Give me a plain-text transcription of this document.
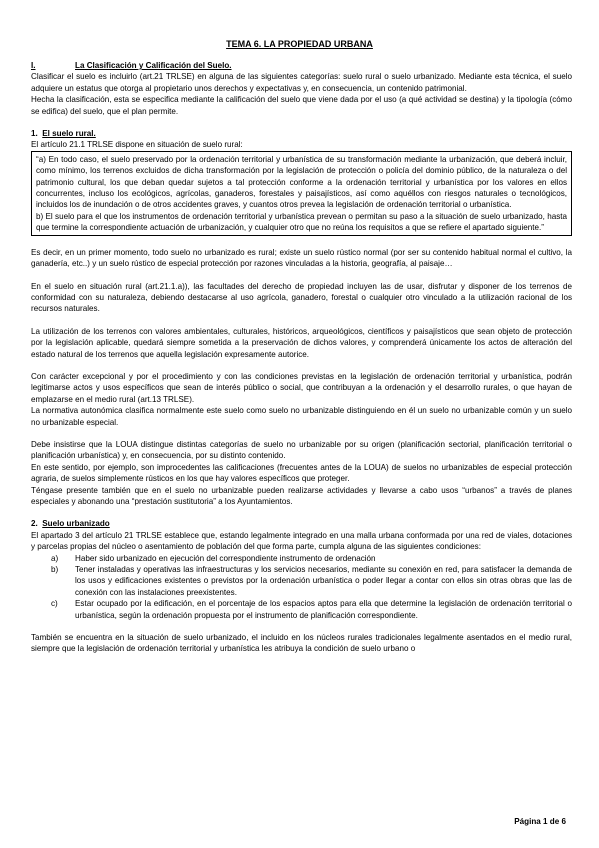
TEMA 6. LA PROPIEDAD URBANA
I.	La Clasificación y Calificación del Suelo.

Clasificar el suelo es incluirlo (art.21 TRLSE) en alguna de las siguientes categorías: suelo rural o suelo urbanizado. Mediante esta técnica, el suelo adquiere un estatus que otorga al propietario unos derechos y expectativas y, en consecuencia, un contenido patrimonial.

Hecha la clasificación, esta se especifica mediante la calificación del suelo que viene dada por el uso (a qué actividad se destina) y la tipología (cómo se edifica) del suelo, que el plan permite.

1. El suelo rural.

El artículo 21.1 TRLSE dispone en situación de suelo rural:

“a) En todo caso, el suelo preservado por la ordenación territorial y urbanística de su transformación mediante la urbanización, que deberá incluir, como mínimo, los terrenos excluidos de dicha transformación por la legislación de protección o policía del dominio público, de la naturaleza o del patrimonio cultural, los que deban quedar sujetos a tal protección conforme a la ordenación territorial y urbanística por los valores en ellos concurrentes, incluso los ecológicos, agrícolas, ganaderos, forestales y paisajísticos, así como aquéllos con riesgos naturales o tecnológicos, incluidos los de inundación o de otros accidentes graves, y cuantos otros prevea la legislación de ordenación territorial o urbanística.

b) El suelo para el que los instrumentos de ordenación territorial y urbanística prevean o permitan su paso a la situación de suelo urbanizado, hasta que termine la correspondiente actuación de urbanización, y cualquier otro que no reúna los requisitos a que se refiere el apartado siguiente.”

Es decir, en un primer momento, todo suelo no urbanizado es rural; existe un suelo rústico normal (por ser su contenido habitual normal el cultivo, la ganadería, etc..) y un suelo rústico de especial protección por razones vinculadas a la historia, geografía, al paisaje…

En el suelo en situación rural (art.21.1.a)), las facultades del derecho de propiedad incluyen las de usar, disfrutar y disponer de los terrenos de conformidad con su naturaleza, debiendo destacarse al uso agrícola, ganadero, forestal o cualquier otro vinculado a la utilización racional de los recursos naturales.

La utilización de los terrenos con valores ambientales, culturales, históricos, arqueológicos, científicos y paisajísticos que sean objeto de protección por la legislación aplicable, quedará siempre sometida a la preservación de dichos valores, y comprenderá únicamente los actos de alteración del estado natural de los terrenos que aquella legislación expresamente autorice.

Con carácter excepcional y por el procedimiento y con las condiciones previstas en la legislación de ordenación territorial y urbanística, podrán legitimarse actos y usos específicos que sean de interés público o social, que contribuyan a la ordenación y el desarrollo rurales, o que hayan de emplazarse en el medio rural (art.13 TRLSE).

La normativa autonómica clasifica normalmente este suelo como suelo no urbanizable distinguiendo en él un suelo no urbanizable común y un suelo no urbanizable especial.

Debe insistirse que la LOUA distingue distintas categorías de suelo no urbanizable por su origen (planificación sectorial, planificación territorial o planificación urbanística) y, en consecuencia, por su distinto contenido.

En este sentido, por ejemplo, son improcedentes las calificaciones (frecuentes antes de la LOUA) de suelos no urbanizables de especial protección agraria, de suelos simplemente rústicos en los que hay valores específicos que proteger.

Téngase presente también que en el suelo no urbanizable pueden realizarse actividades y llevarse a cabo usos “urbanos” a través de planes especiales y abonando una “prestación sustitutoria” a los Ayuntamientos.

2. Suelo urbanizado

El apartado 3 del artículo 21 TRLSE establece que, estando legalmente integrado en una malla urbana conformada por una red de viales, dotaciones y parcelas propias del núcleo o asentamiento de población del que forma parte, cumpla alguna de las siguientes condiciones:

a)	Haber sido urbanizado en ejecución del correspondiente instrumento de ordenación
b)	Tener instaladas y operativas las infraestructuras y los servicios necesarios, mediante su conexión en red, para satisfacer la demanda de los usos y edificaciones existentes o previstos por la ordenación urbanística o poder llegar a contar con ellos sin otras obras que las de conexión con las instalaciones preexistentes.
c)	Estar ocupado por la edificación, en el porcentaje de los espacios aptos para ella que determine la legislación de ordenación territorial o urbanística, según la ordenación propuesta por el instrumento de planificación correspondiente.

También se encuentra en la situación de suelo urbanizado, el incluido en los núcleos rurales tradicionales legalmente asentados en el medio rural, siempre que la legislación de ordenación territorial y urbanística les atribuya la condición de suelo urbano o

Página 1 de 6
